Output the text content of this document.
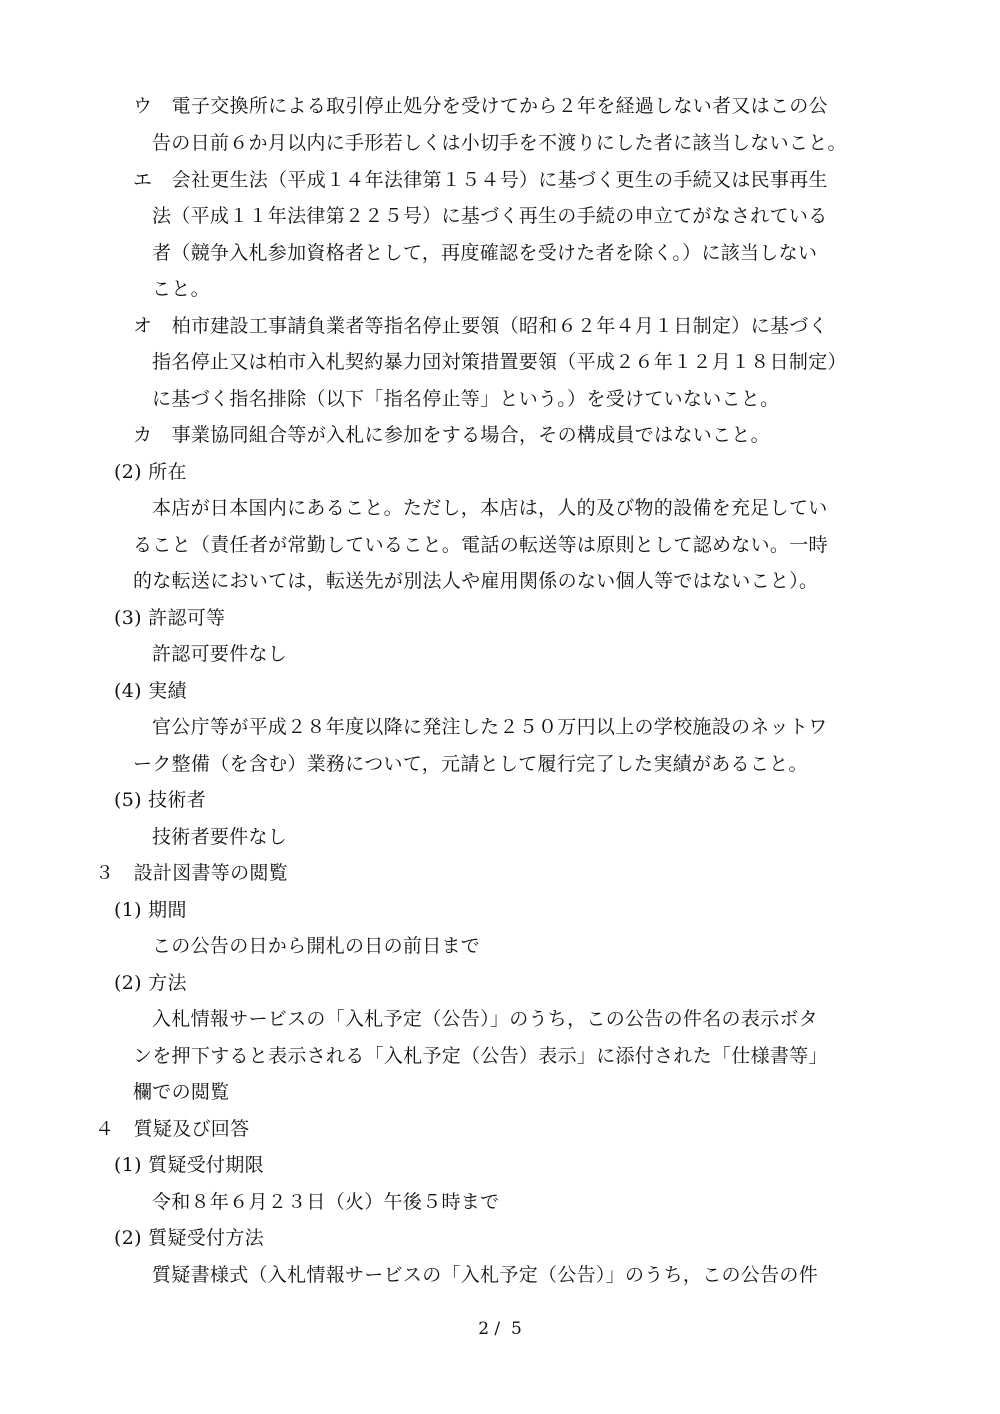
ウ　電子交換所による取引停止処分を受けてから２年を経過しない者又はこの公
告の日前６か月以内に手形若しくは小切手を不渡りにした者に該当しないこと。
エ　会社更生法（平成１４年法律第１５４号）に基づく更生の手続又は民事再生
法（平成１１年法律第２２５号）に基づく再生の手続の申立てがなされている
者（競争入札参加資格者として，再度確認を受けた者を除く。）に該当しない
こと。
オ　柏市建設工事請負業者等指名停止要領（昭和６２年４月１日制定）に基づく
指名停止又は柏市入札契約暴力団対策措置要領（平成２６年１２月１８日制定）
に基づく指名排除（以下「指名停止等」という。）を受けていないこと。
カ　事業協同組合等が入札に参加をする場合，その構成員ではないこと。
(2) 所在
本店が日本国内にあること。ただし，本店は，人的及び物的設備を充足してい
ること（責任者が常勤していること。電話の転送等は原則として認めない。一時
的な転送においては，転送先が別法人や雇用関係のない個人等ではないこと）。
(3) 許認可等
許認可要件なし
(4) 実績
官公庁等が平成２８年度以降に発注した２５０万円以上の学校施設のネットワ
ーク整備（を含む）業務について，元請として履行完了した実績があること。
(5) 技術者
技術者要件なし
３　設計図書等の閲覧
(1) 期間
この公告の日から開札の日の前日まで
(2) 方法
入札情報サービスの「入札予定（公告）」のうち，この公告の件名の表示ボタ
ンを押下すると表示される「入札予定（公告）表示」に添付された「仕様書等」
欄での閲覧
４　質疑及び回答
(1) 質疑受付期限
令和８年６月２３日（火）午後５時まで
(2) 質疑受付方法
質疑書様式（入札情報サービスの「入札予定（公告）」のうち，この公告の件
2 /  5
